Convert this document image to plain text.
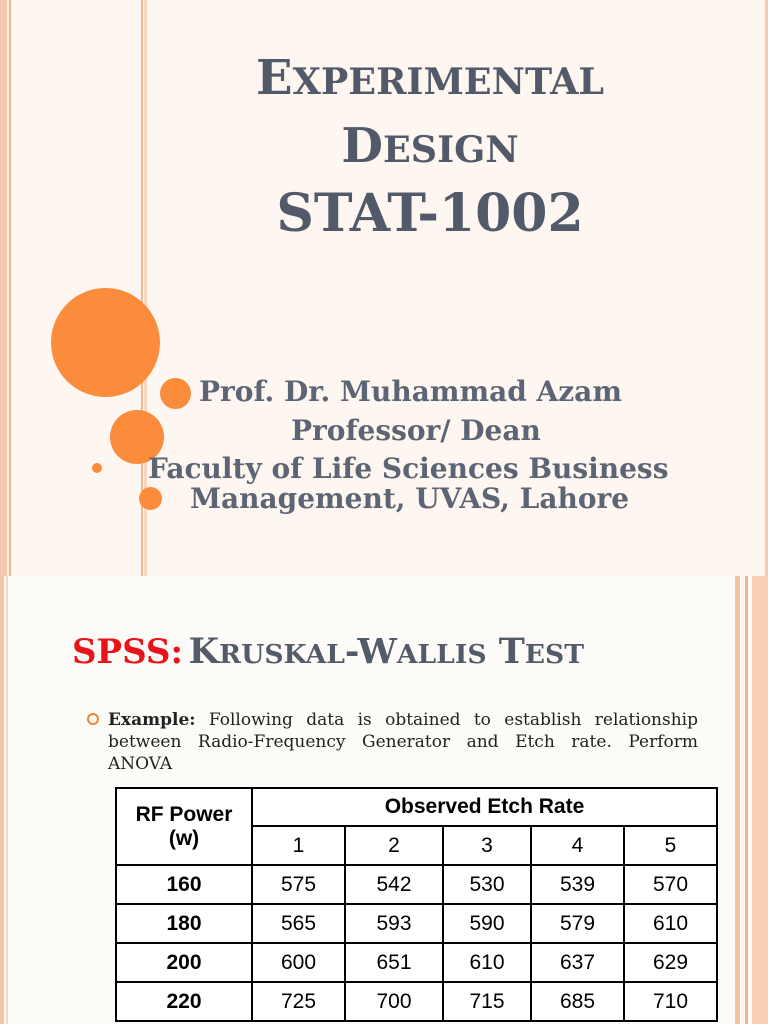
EXPERIMENTAL
DESIGN
STAT-1002
Prof. Dr. Muhammad Azam
Professor/ Dean
Faculty of Life Sciences Business
Management, UVAS, Lahore
SPSS: KRUSKAL-WALLIS TEST
Example: Following data is obtained to establish relationship between Radio-Frequency Generator and Etch rate. Perform ANOVA
RF Power
(w)	Observed Etch Rate				
	1	2	3	4	5
160	575	542	530	539	570
180	565	593	590	579	610
200	600	651	610	637	629
220	725	700	715	685	710
